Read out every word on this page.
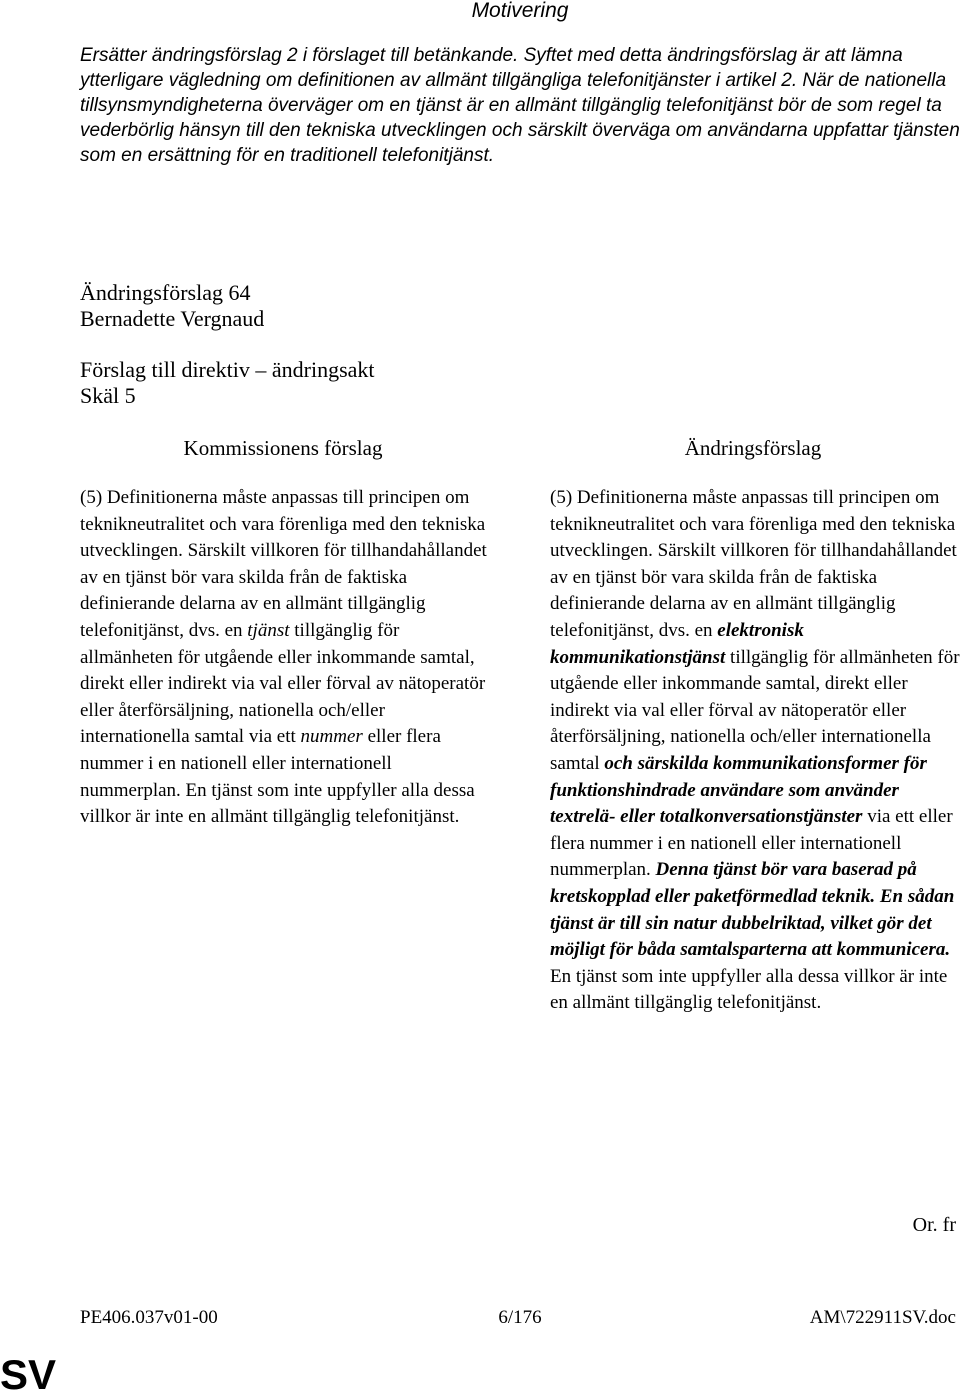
Motivering
Ersätter ändringsförslag 2 i förslaget till betänkande. Syftet med detta ändringsförslag är att lämna ytterligare vägledning om definitionen av allmänt tillgängliga telefonitjänster i artikel 2. När de nationella tillsynsmyndigheterna överväger om en tjänst är en allmänt tillgänglig telefonitjänst bör de som regel ta vederbörlig hänsyn till den tekniska utvecklingen och särskilt överväga om användarna uppfattar tjänsten som en ersättning för en traditionell telefonitjänst.
Ändringsförslag 64
Bernadette Vergnaud
Förslag till direktiv – ändringsakt
Skäl 5
Kommissionens förslag	Ändringsförslag
(5) Definitionerna måste anpassas till principen om teknikneutralitet och vara förenliga med den tekniska utvecklingen. Särskilt villkoren för tillhandahållandet av en tjänst bör vara skilda från de faktiska definierande delarna av en allmänt tillgänglig telefonitjänst, dvs. en tjänst tillgänglig för allmänheten för utgående eller inkommande samtal, direkt eller indirekt via val eller förval av nätoperatör eller återförsäljning, nationella och/eller internationella samtal via ett nummer eller flera nummer i en nationell eller internationell nummerplan. En tjänst som inte uppfyller alla dessa villkor är inte en allmänt tillgänglig telefonitjänst.
(5) Definitionerna måste anpassas till principen om teknikneutralitet och vara förenliga med den tekniska utvecklingen. Särskilt villkoren för tillhandahållandet av en tjänst bör vara skilda från de faktiska definierande delarna av en allmänt tillgänglig telefonitjänst, dvs. en elektronisk kommunikationstjänst tillgänglig för allmänheten för utgående eller inkommande samtal, direkt eller indirekt via val eller förval av nätoperatör eller återförsäljning, nationella och/eller internationella samtal och särskilda kommunikationsformer för funktionshindrade användare som använder textrelä- eller totalkonversationstjänster via ett eller flera nummer i en nationell eller internationell nummerplan. Denna tjänst bör vara baserad på kretskopplad eller paketförmedlad teknik. En sådan tjänst är till sin natur dubbelriktad, vilket gör det möjligt för båda samtalsparterna att kommunicera. En tjänst som inte uppfyller alla dessa villkor är inte en allmänt tillgänglig telefonitjänst.
Or. fr
PE406.037v01-00	6/176	AM\722911SV.doc
SV
